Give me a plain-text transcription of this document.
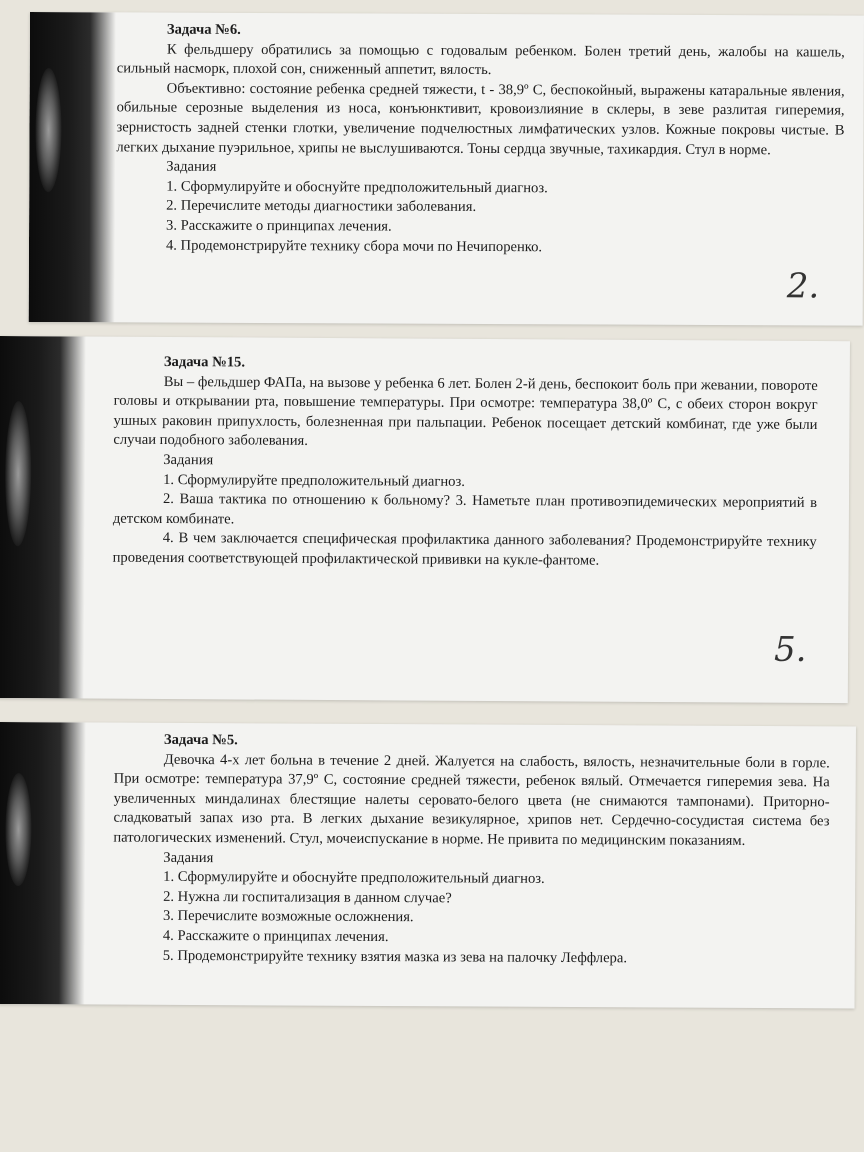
Задача №6.

К фельдшеру обратились за помощью с годовалым ребенком. Болен третий день, жалобы на кашель, сильный насморк, плохой сон, сниженный аппетит, вялость.

Объективно: состояние ребенка средней тяжести, t - 38,9º С, беспокойный, выражены катаральные явления, обильные серозные выделения из носа, конъюнктивит, кровоизлияние в склеры, в зеве разлитая гиперемия, зернистость задней стенки глотки, увеличение подчелюстных лимфатических узлов. Кожные покровы чистые. В легких дыхание пуэрильное, хрипы не выслушиваются. Тоны сердца звучные, тахикардия. Стул в норме.

Задания

1. Сформулируйте и обоснуйте предположительный диагноз.

2. Перечислите методы диагностики заболевания.

3. Расскажите о принципах лечения.

4. Продемонстрируйте технику сбора мочи по Нечипоренко.

2.
Задача №15.

Вы – фельдшер ФАПа, на вызове у ребенка 6 лет. Болен 2-й день, беспокоит боль при жевании, повороте головы и открывании рта, повышение температуры. При осмотре: температура 38,0º С, с обеих сторон вокруг ушных раковин припухлость, болезненная при пальпации. Ребенок посещает детский комбинат, где уже были случаи подобного заболевания.

Задания

1. Сформулируйте предположительный диагноз.

2. Ваша тактика по отношению к больному? 3. Наметьте план противоэпидемических мероприятий в детском комбинате.

4. В чем заключается специфическая профилактика данного заболевания? Продемонстрируйте технику проведения соответствующей профилактической прививки на кукле-фантоме.

5.
Задача №5.

Девочка 4-х лет больна в течение 2 дней. Жалуется на слабость, вялость, незначительные боли в горле. При осмотре: температура 37,9º С, состояние средней тяжести, ребенок вялый. Отмечается гиперемия зева. На увеличенных миндалинах блестящие налеты серовато-белого цвета (не снимаются тампонами). Приторно-сладковатый запах изо рта. В легких дыхание везикулярное, хрипов нет. Сердечно-сосудистая система без патологических изменений. Стул, мочеиспускание в норме. Не привита по медицинским показаниям.

Задания

1. Сформулируйте и обоснуйте предположительный диагноз.

2. Нужна ли госпитализация в данном случае?

3. Перечислите возможные осложнения.

4. Расскажите о принципах лечения.

5. Продемонстрируйте технику взятия мазка из зева на палочку Леффлера.
